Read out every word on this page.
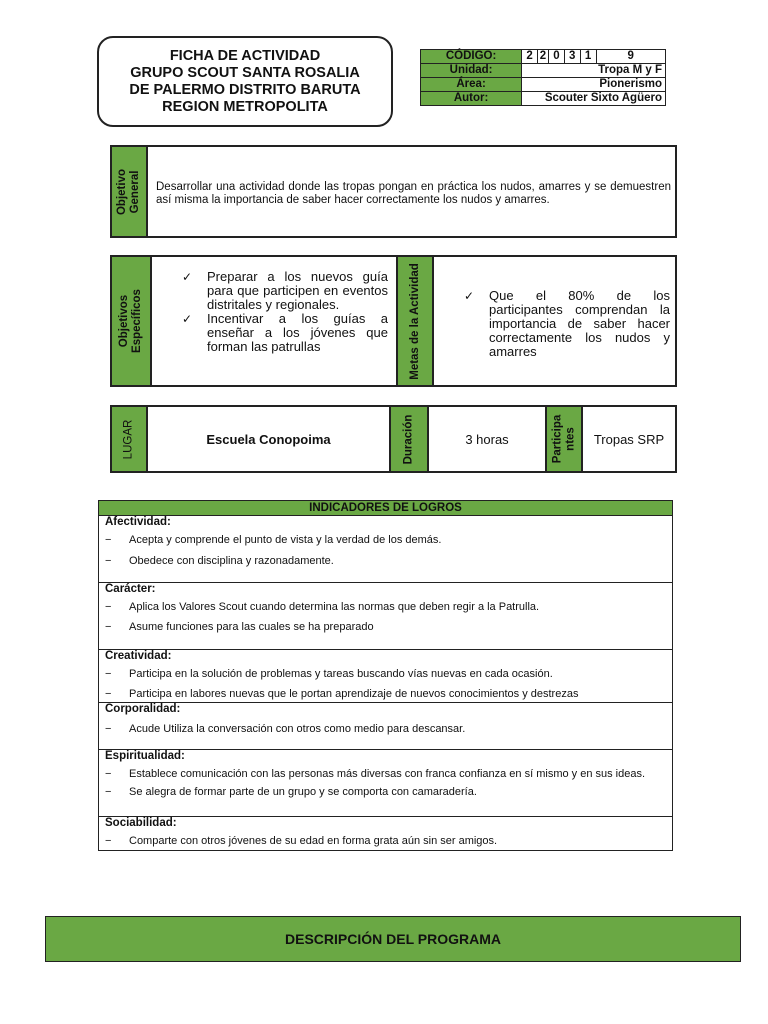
FICHA DE ACTIVIDAD
GRUPO SCOUT SANTA ROSALIA
DE PALERMO DISTRITO BARUTA
REGION METROPOLITA
CÓDIGO:	2	2	0	3	1	9
Unidad:	Tropa M y F					
Área:	Pionerismo					
Autor:	Scouter Sixto Agüero					
Objetivo General Desarrollar una actividad donde las tropas pongan en práctica los nudos, amarres y se demuestren así misma la importancia de saber hacer correctamente los nudos y amarres.
Objetivos Específicos
✓ Preparar a los nuevos guía para que participen en eventos distritales y regionales.
✓ Incentivar a los guías a enseñar a los jóvenes que forman las patrullas	Metas de la Actividad	✓ Que el 80% de los participantes comprendan la importancia de saber hacer correctamente los nudos y amarres
LUGAR	Escuela Conopoima	Duración	3 horas	Participa ntes	Tropas SRP
INDICADORES DE LOGROS
Afectividad:
− Acepta y comprende el punto de vista y la verdad de los demás.
− Obedece con disciplina y razonadamente.
Carácter:
− Aplica los Valores Scout cuando determina las normas que deben regir a la Patrulla.
− Asume funciones para las cuales se ha preparado
Creatividad:
− Participa en la solución de problemas y tareas buscando vías nuevas en cada ocasión.
− Participa en labores nuevas que le portan aprendizaje de nuevos conocimientos y destrezas
Corporalidad:
− Acude Utiliza la conversación con otros como medio para descansar.
Espiritualidad:
− Establece comunicación con las personas más diversas con franca confianza en sí mismo y en sus ideas.
− Se alegra de formar parte de un grupo y se comporta con camaradería.
Sociabilidad:
− Comparte con otros jóvenes de su edad en forma grata aún sin ser amigos.
DESCRIPCIÓN DEL PROGRAMA
